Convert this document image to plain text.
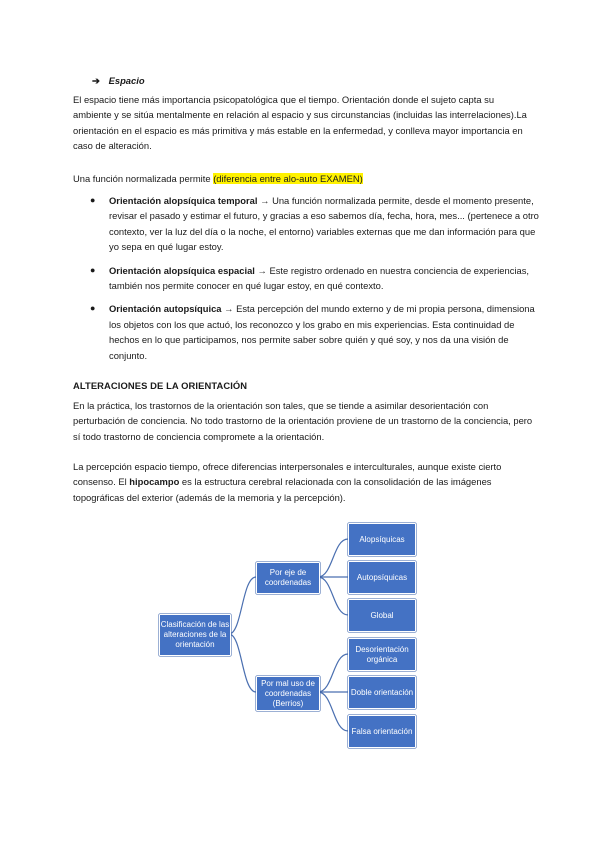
➔ Espacio
El espacio tiene más importancia psicopatológica que el tiempo. Orientación donde el sujeto capta su ambiente y se sitúa mentalmente en relación al espacio y sus circunstancias (incluidas las interrelaciones).La orientación en el espacio es más primitiva y más estable en la enfermedad, y conlleva mayor importancia en caso de alteración.
Una función normalizada permite (diferencia entre alo-auto EXAMEN)
● Orientación alopsíquica temporal → Una función normalizada permite, desde el momento presente, revisar el pasado y estimar el futuro, y gracias a eso sabemos día, fecha, hora, mes... (pertenece a otro contexto, ver la luz del día o la noche, el entorno) variables externas que me dan información para que yo sepa en qué lugar estoy.
● Orientación alopsíquica espacial → Este registro ordenado en nuestra conciencia de experiencias, también nos permite conocer en qué lugar estoy, en qué contexto.
● Orientación autopsíquica → Esta percepción del mundo externo y de mi propia persona, dimensiona los objetos con los que actuó, los reconozco y los grabo en mis experiencias. Esta continuidad de hechos en lo que participamos, nos permite saber sobre quién y qué soy, y nos da una visión de conjunto.
ALTERACIONES DE LA ORIENTACIÓN
En la práctica, los trastornos de la orientación son tales, que se tiende a asimilar desorientación con perturbación de conciencia. No todo trastorno de la orientación proviene de un trastorno de la conciencia, pero sí todo trastorno de conciencia compromete a la orientación.
La percepción espacio tiempo, ofrece diferencias interpersonales e interculturales, aunque existe cierto consenso. El hipocampo es la estructura cerebral relacionada con la consolidación de las imágenes topográficas del exterior (además de la memoria y la percepción).
Clasificación de las alteraciones de la orientación
Por eje de coordenadas
Por mal uso de coordenadas (Berrios)
Alopsíquicas
Autopsíquicas
Global
Desorientación orgánica
Doble orientación
Falsa orientación
